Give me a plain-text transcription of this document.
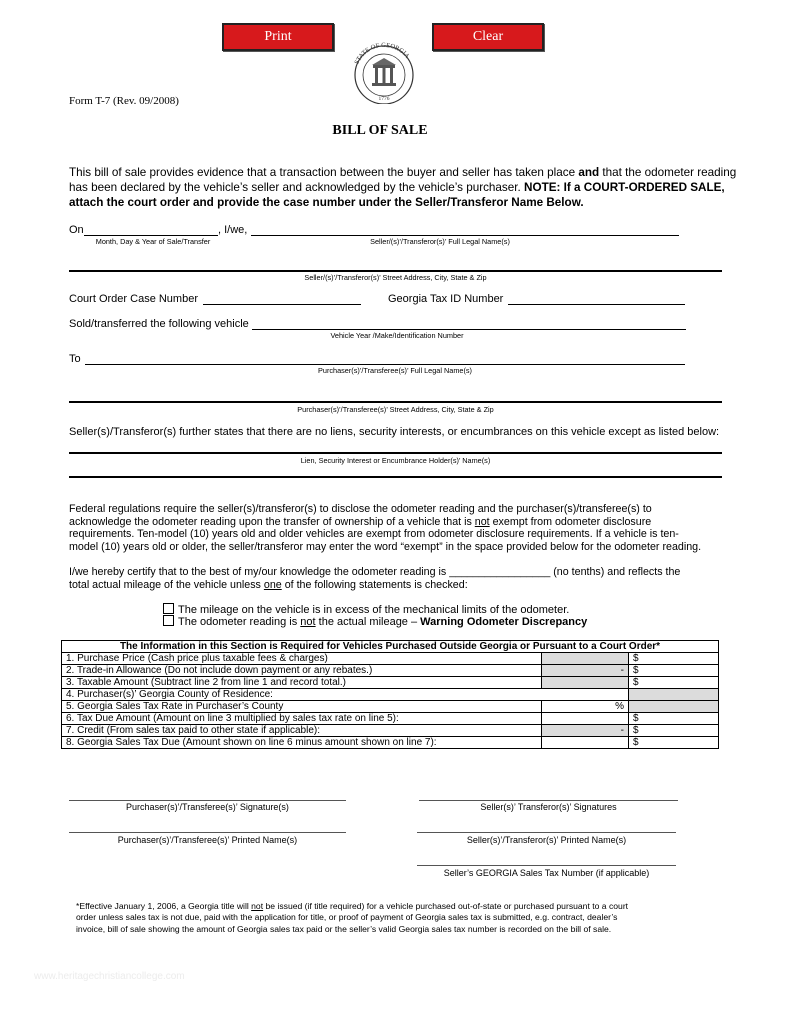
Print	Clear
STATE OF GEORGIA
1776
Form T-7 (Rev. 09/2008)
BILL OF SALE
This bill of sale provides evidence that a transaction between the buyer and seller has taken place and that the odometer reading
has been declared by the vehicle’s seller and acknowledged by the vehicle’s purchaser. NOTE: If a COURT-ORDERED SALE,
attach the court order and provide the case number under the Seller/Transferor Name Below.
On	, I/we,
Month, Day & Year of Sale/Transfer	Seller/(s)’/Transferor(s)’ Full Legal Name(s)
Seller/(s)’/Transferor(s)’ Street Address, City, State & Zip
Court Order Case Number	Georgia Tax ID Number
Sold/transferred the following vehicle
Vehicle Year /Make/Identification Number
To
Purchaser(s)’/Transferee(s)’ Full Legal Name(s)
Purchaser(s)’/Transferee(s)’ Street Address, City, State & Zip
Seller(s)/Transferor(s) further states that there are no liens, security interests, or encumbrances on this vehicle except as listed below:
Lien, Security Interest or Encumbrance Holder(s)’ Name(s)
Federal regulations require the seller(s)/transferor(s) to disclose the odometer reading and the purchaser(s)/transferee(s) to
acknowledge the odometer reading upon the transfer of ownership of a vehicle that is not exempt from odometer disclosure
requirements. Ten-model (10) years old and older vehicles are exempt from odometer disclosure requirements. If a vehicle is ten-
model (10) years old or older, the seller/transferor may enter the word “exempt” in the space provided below for the odometer reading.
I/we hereby certify that to the best of my/our knowledge the odometer reading is _________________ (no tenths) and reflects the
total actual mileage of the vehicle unless one of the following statements is checked:
The mileage on the vehicle is in excess of the mechanical limits of the odometer.
The odometer reading is not the actual mileage – Warning Odometer Discrepancy
The Information in this Section is Required for Vehicles Purchased Outside Georgia or Pursuant to a Court Order*		
1. Purchase Price (Cash price plus taxable fees & charges)		$
2. Trade-in Allowance (Do not include down payment or any rebates.)	-	$
3. Taxable Amount (Subtract line 2 from line 1 and record total.)		$
4. Purchaser(s)’ Georgia County of Residence:		
5. Georgia Sales Tax Rate in Purchaser’s County	%	
6. Tax Due Amount (Amount on line 3 multiplied by sales tax rate on line 5):		$
7. Credit (From sales tax paid to other state if applicable):	-	$
8. Georgia Sales Tax Due (Amount shown on line 6 minus amount shown on line 7):		$
Purchaser(s)’/Transferee(s)’ Signature(s)	Seller(s)’ Transferor(s)’ Signatures
Purchaser(s)’/Transferee(s)’ Printed Name(s)	Seller(s)’/Transferor(s)’ Printed Name(s)
Seller’s GEORGIA Sales Tax Number (if applicable)
*Effective January 1, 2006, a Georgia title will not be issued (if title required) for a vehicle purchased out-of-state or purchased pursuant to a court
order unless sales tax is not due, paid with the application for title, or proof of payment of Georgia sales tax is submitted, e.g. contract, dealer’s
invoice, bill of sale showing the amount of Georgia sales tax paid or the seller’s valid Georgia sales tax number is recorded on the bill of sale.
www.heritagechristiancollege.com
